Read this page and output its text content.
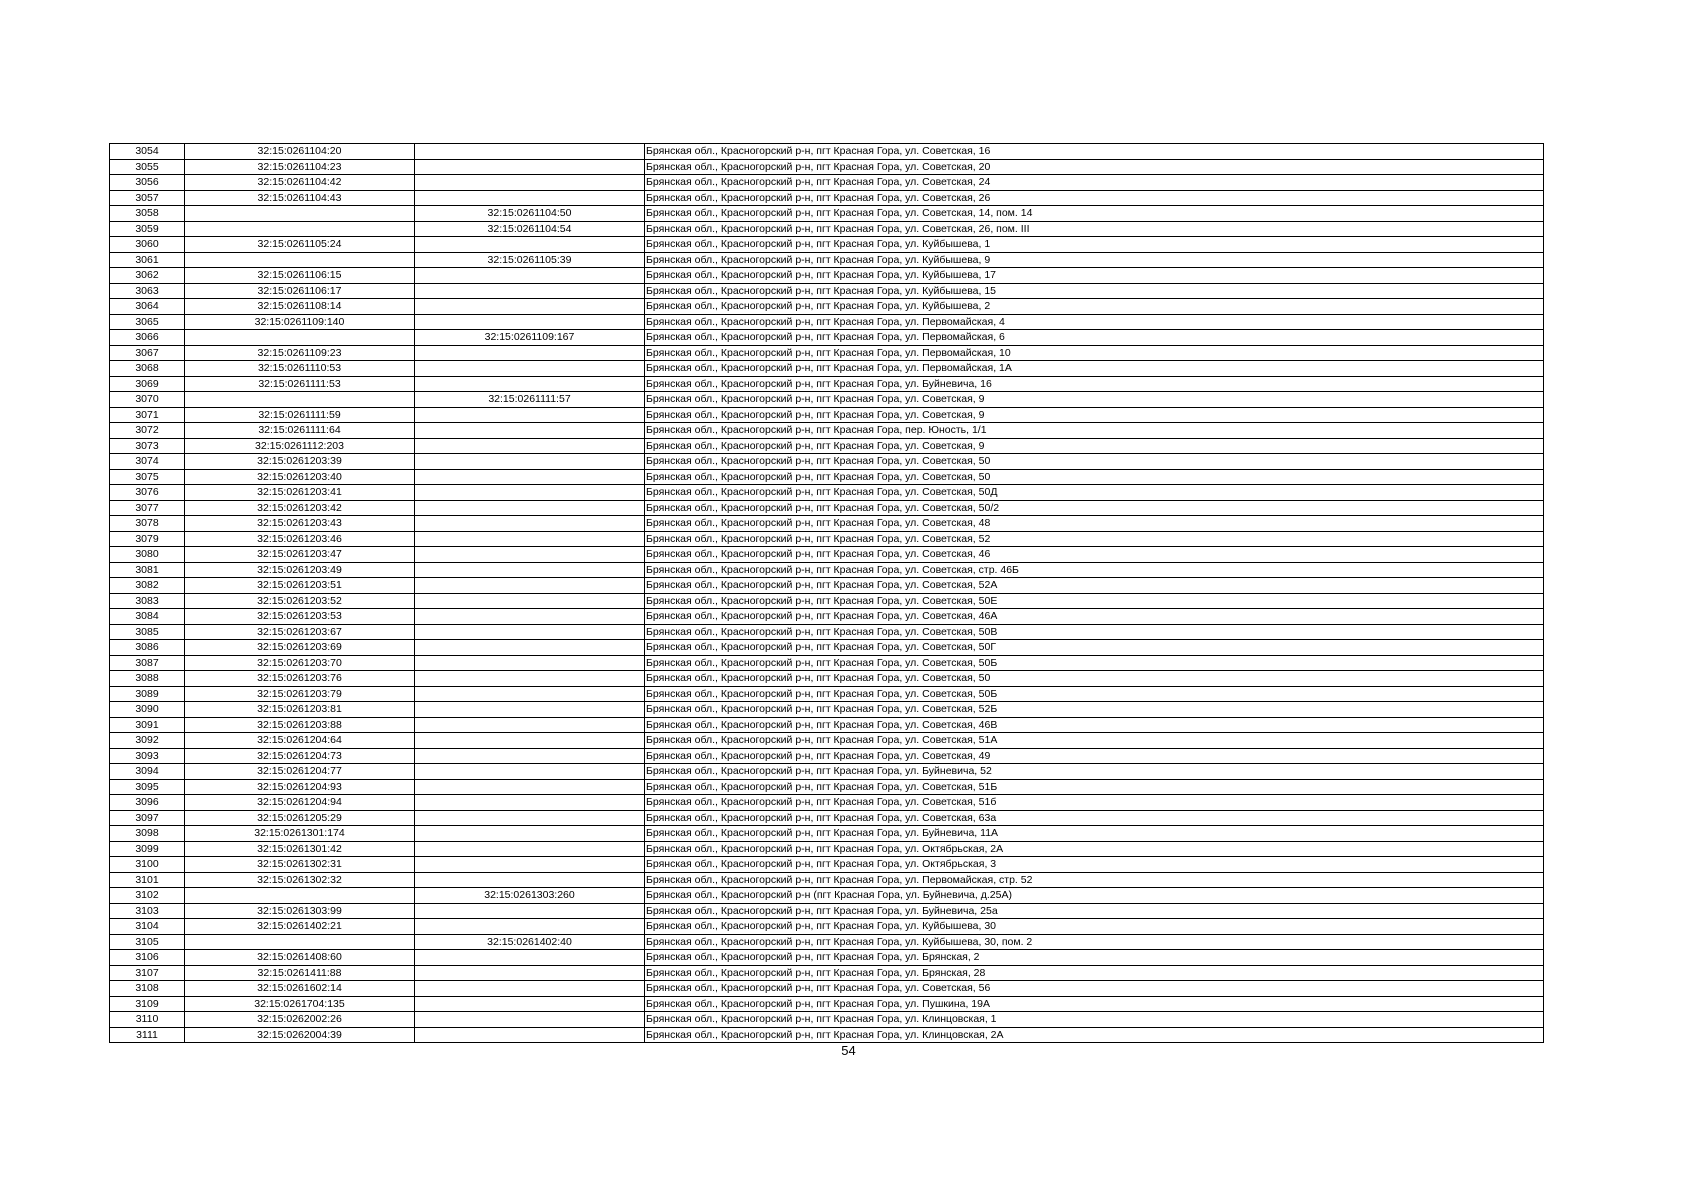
3054	32:15:0261104:20		Брянская обл., Красногорский р-н, пгт Красная Гора, ул. Советская, 16
3055	32:15:0261104:23		Брянская обл., Красногорский р-н, пгт Красная Гора, ул. Советская, 20
3056	32:15:0261104:42		Брянская обл., Красногорский р-н, пгт Красная Гора, ул. Советская, 24
3057	32:15:0261104:43		Брянская обл., Красногорский р-н, пгт Красная Гора, ул. Советская, 26
3058		32:15:0261104:50	Брянская обл., Красногорский р-н, пгт Красная Гора, ул. Советская, 14, пом. 14
3059		32:15:0261104:54	Брянская обл., Красногорский р-н, пгт Красная Гора, ул. Советская, 26, пом. III
3060	32:15:0261105:24		Брянская обл., Красногорский р-н, пгт Красная Гора, ул. Куйбышева, 1
3061		32:15:0261105:39	Брянская обл., Красногорский р-н, пгт Красная Гора, ул. Куйбышева, 9
3062	32:15:0261106:15		Брянская обл., Красногорский р-н, пгт Красная Гора, ул. Куйбышева, 17
3063	32:15:0261106:17		Брянская обл., Красногорский р-н, пгт Красная Гора, ул. Куйбышева, 15
3064	32:15:0261108:14		Брянская обл., Красногорский р-н, пгт Красная Гора, ул. Куйбышева, 2
3065	32:15:0261109:140		Брянская обл., Красногорский р-н, пгт Красная Гора, ул. Первомайская, 4
3066		32:15:0261109:167	Брянская обл., Красногорский р-н, пгт Красная Гора, ул. Первомайская, 6
3067	32:15:0261109:23		Брянская обл., Красногорский р-н, пгт Красная Гора, ул. Первомайская, 10
3068	32:15:0261110:53		Брянская обл., Красногорский р-н, пгт Красная Гора, ул. Первомайская, 1А
3069	32:15:0261111:53		Брянская обл., Красногорский р-н, пгт Красная Гора, ул. Буйневича, 16
3070		32:15:0261111:57	Брянская обл., Красногорский р-н, пгт Красная Гора, ул. Советская, 9
3071	32:15:0261111:59		Брянская обл., Красногорский р-н, пгт Красная Гора, ул. Советская, 9
3072	32:15:0261111:64		Брянская обл., Красногорский р-н, пгт Красная Гора, пер. Юность, 1/1
3073	32:15:0261112:203		Брянская обл., Красногорский р-н, пгт Красная Гора, ул. Советская, 9
3074	32:15:0261203:39		Брянская обл., Красногорский р-н, пгт Красная Гора, ул. Советская, 50
3075	32:15:0261203:40		Брянская обл., Красногорский р-н, пгт Красная Гора, ул. Советская, 50
3076	32:15:0261203:41		Брянская обл., Красногорский р-н, пгт Красная Гора, ул. Советская, 50Д
3077	32:15:0261203:42		Брянская обл., Красногорский р-н, пгт Красная Гора, ул. Советская, 50/2
3078	32:15:0261203:43		Брянская обл., Красногорский р-н, пгт Красная Гора, ул. Советская, 48
3079	32:15:0261203:46		Брянская обл., Красногорский р-н, пгт Красная Гора, ул. Советская, 52
3080	32:15:0261203:47		Брянская обл., Красногорский р-н, пгт Красная Гора, ул. Советская, 46
3081	32:15:0261203:49		Брянская обл., Красногорский р-н, пгт Красная Гора, ул. Советская, стр. 46Б
3082	32:15:0261203:51		Брянская обл., Красногорский р-н, пгт Красная Гора, ул. Советская, 52А
3083	32:15:0261203:52		Брянская обл., Красногорский р-н, пгт Красная Гора, ул. Советская, 50Е
3084	32:15:0261203:53		Брянская обл., Красногорский р-н, пгт Красная Гора, ул. Советская, 46А
3085	32:15:0261203:67		Брянская обл., Красногорский р-н, пгт Красная Гора, ул. Советская, 50В
3086	32:15:0261203:69		Брянская обл., Красногорский р-н, пгт Красная Гора, ул. Советская, 50Г
3087	32:15:0261203:70		Брянская обл., Красногорский р-н, пгт Красная Гора, ул. Советская, 50Б
3088	32:15:0261203:76		Брянская обл., Красногорский р-н, пгт Красная Гора, ул. Советская, 50
3089	32:15:0261203:79		Брянская обл., Красногорский р-н, пгт Красная Гора, ул. Советская, 50Б
3090	32:15:0261203:81		Брянская обл., Красногорский р-н, пгт Красная Гора, ул. Советская, 52Б
3091	32:15:0261203:88		Брянская обл., Красногорский р-н, пгт Красная Гора, ул. Советская, 46В
3092	32:15:0261204:64		Брянская обл., Красногорский р-н, пгт Красная Гора, ул. Советская, 51А
3093	32:15:0261204:73		Брянская обл., Красногорский р-н, пгт Красная Гора, ул. Советская, 49
3094	32:15:0261204:77		Брянская обл., Красногорский р-н, пгт Красная Гора, ул. Буйневича, 52
3095	32:15:0261204:93		Брянская обл., Красногорский р-н, пгт Красная Гора, ул. Советская, 51Б
3096	32:15:0261204:94		Брянская обл., Красногорский р-н, пгт Красная Гора, ул. Советская, 51б
3097	32:15:0261205:29		Брянская обл., Красногорский р-н, пгт Красная Гора, ул. Советская, 63а
3098	32:15:0261301:174		Брянская обл., Красногорский р-н, пгт Красная Гора, ул. Буйневича, 11А
3099	32:15:0261301:42		Брянская обл., Красногорский р-н, пгт Красная Гора, ул. Октябрьская, 2А
3100	32:15:0261302:31		Брянская обл., Красногорский р-н, пгт Красная Гора, ул. Октябрьская, 3
3101	32:15:0261302:32		Брянская обл., Красногорский р-н, пгт Красная Гора, ул. Первомайская, стр. 52
3102		32:15:0261303:260	Брянская обл., Красногорский р-н (пгт Красная Гора, ул. Буйневича, д.25А)
3103	32:15:0261303:99		Брянская обл., Красногорский р-н, пгт Красная Гора, ул. Буйневича, 25а
3104	32:15:0261402:21		Брянская обл., Красногорский р-н, пгт Красная Гора, ул. Куйбышева, 30
3105		32:15:0261402:40	Брянская обл., Красногорский р-н, пгт Красная Гора, ул. Куйбышева, 30, пом. 2
3106	32:15:0261408:60		Брянская обл., Красногорский р-н, пгт Красная Гора, ул. Брянская, 2
3107	32:15:0261411:88		Брянская обл., Красногорский р-н, пгт Красная Гора, ул. Брянская, 28
3108	32:15:0261602:14		Брянская обл., Красногорский р-н, пгт Красная Гора, ул. Советская, 56
3109	32:15:0261704:135		Брянская обл., Красногорский р-н, пгт Красная Гора, ул. Пушкина, 19А
3110	32:15:0262002:26		Брянская обл., Красногорский р-н, пгт Красная Гора, ул. Клинцовская, 1
3111	32:15:0262004:39		Брянская обл., Красногорский р-н, пгт Красная Гора, ул. Клинцовская, 2А
54
